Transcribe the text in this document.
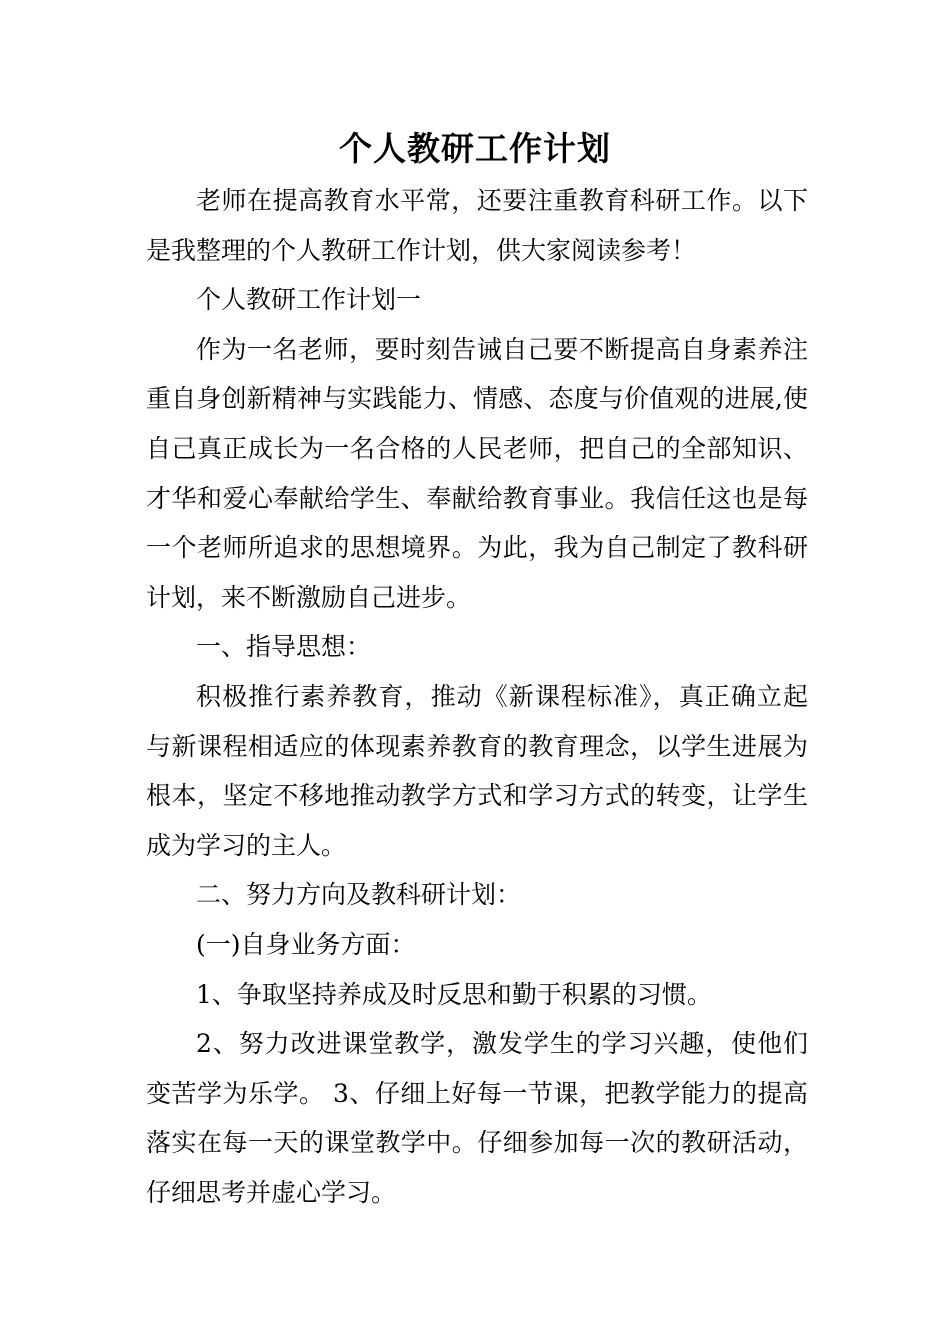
个人教研工作计划

老师在提高教育水平常，还要注重教育科研工作。以下是我整理的个人教研工作计划，供大家阅读参考！

个人教研工作计划一

作为一名老师，要时刻告诫自己要不断提高自身素养注重自身创新精神与实践能力、情感、态度与价值观的进展,使自己真正成长为一名合格的人民老师，把自己的全部知识、才华和爱心奉献给学生、奉献给教育事业。我信任这也是每一个老师所追求的思想境界。为此，我为自己制定了教科研计划，来不断激励自己进步。

一、指导思想：

积极推行素养教育，推动《新课程标准》，真正确立起与新课程相适应的体现素养教育的教育理念，以学生进展为根本，坚定不移地推动教学方式和学习方式的转变，让学生成为学习的主人。

二、努力方向及教科研计划：

(一)自身业务方面：

1、争取坚持养成及时反思和勤于积累的习惯。

2、努力改进课堂教学，激发学生的学习兴趣，使他们变苦学为乐学。 3、仔细上好每一节课，把教学能力的提高落实在每一天的课堂教学中。仔细参加每一次的教研活动，仔细思考并虚心学习。
